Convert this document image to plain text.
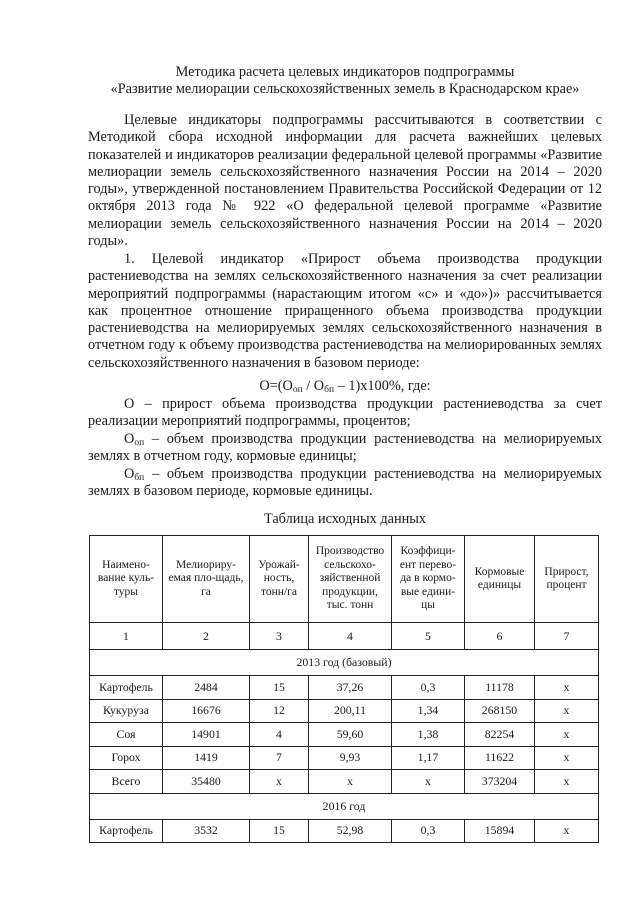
Методика расчета целевых индикаторов подпрограммы
«Развитие мелиорации сельскохозяйственных земель в Краснодарском крае»

Целевые индикаторы подпрограммы рассчитываются в соответствии с Методикой сбора исходной информации для расчета важнейших целевых показателей и индикаторов реализации федеральной целевой программы «Развитие мелиорации земель сельскохозяйственного назначения России на 2014 – 2020 годы», утвержденной постановлением Правительства Российской Федерации от 12 октября 2013 года № 922 «О федеральной целевой программе «Развитие мелиорации земель сельскохозяйственного назначения России на 2014 – 2020 годы».

1. Целевой индикатор «Прирост объема производства продукции растениеводства на землях сельскохозяйственного назначения за счет реализации мероприятий подпрограммы (нарастающим итогом «с» и «до»)» рассчитывается как процентное отношение приращенного объема производства продукции растениеводства на мелиорируемых землях сельскохозяйственного назначения в отчетном году к объему производства растениеводства на мелиорированных землях сельскохозяйственного назначения в базовом периоде:

$О=(О_{оп} / О_{бп} - 1)х100\%$, где:

О – прирост объема производства продукции растениеводства за счет реализации мероприятий подпрограммы, процентов;

$О_{оп}$ – объем производства продукции растениеводства на мелиорируемых землях в отчетном году, кормовые единицы;

$О_{бп}$ – объем производства продукции растениеводства на мелиорируемых землях в базовом периоде, кормовые единицы.

Таблица исходных данных
Наимено-вание куль-туры	Мелиориру-емая пло-щадь, га	Урожай-ность, тонн/га	Производство сельскохо-зяйственной продукции, тыс. тонн	Коэффици-ент перево-да в кормо-вые едини-цы	Кормовые единицы	Прирост, процент
1	2	3	4	5	6	7
2013 год (базовый)						
Картофель	2484	15	37,26	0,3	11178	х
Кукуруза	16676	12	200,11	1,34	268150	х
Соя	14901	4	59,60	1,38	82254	х
Горох	1419	7	9,93	1,17	11622	х
Всего	35480	х	х	х	373204	х
2016 год						
Картофель	3532	15	52,98	0,3	15894	х
